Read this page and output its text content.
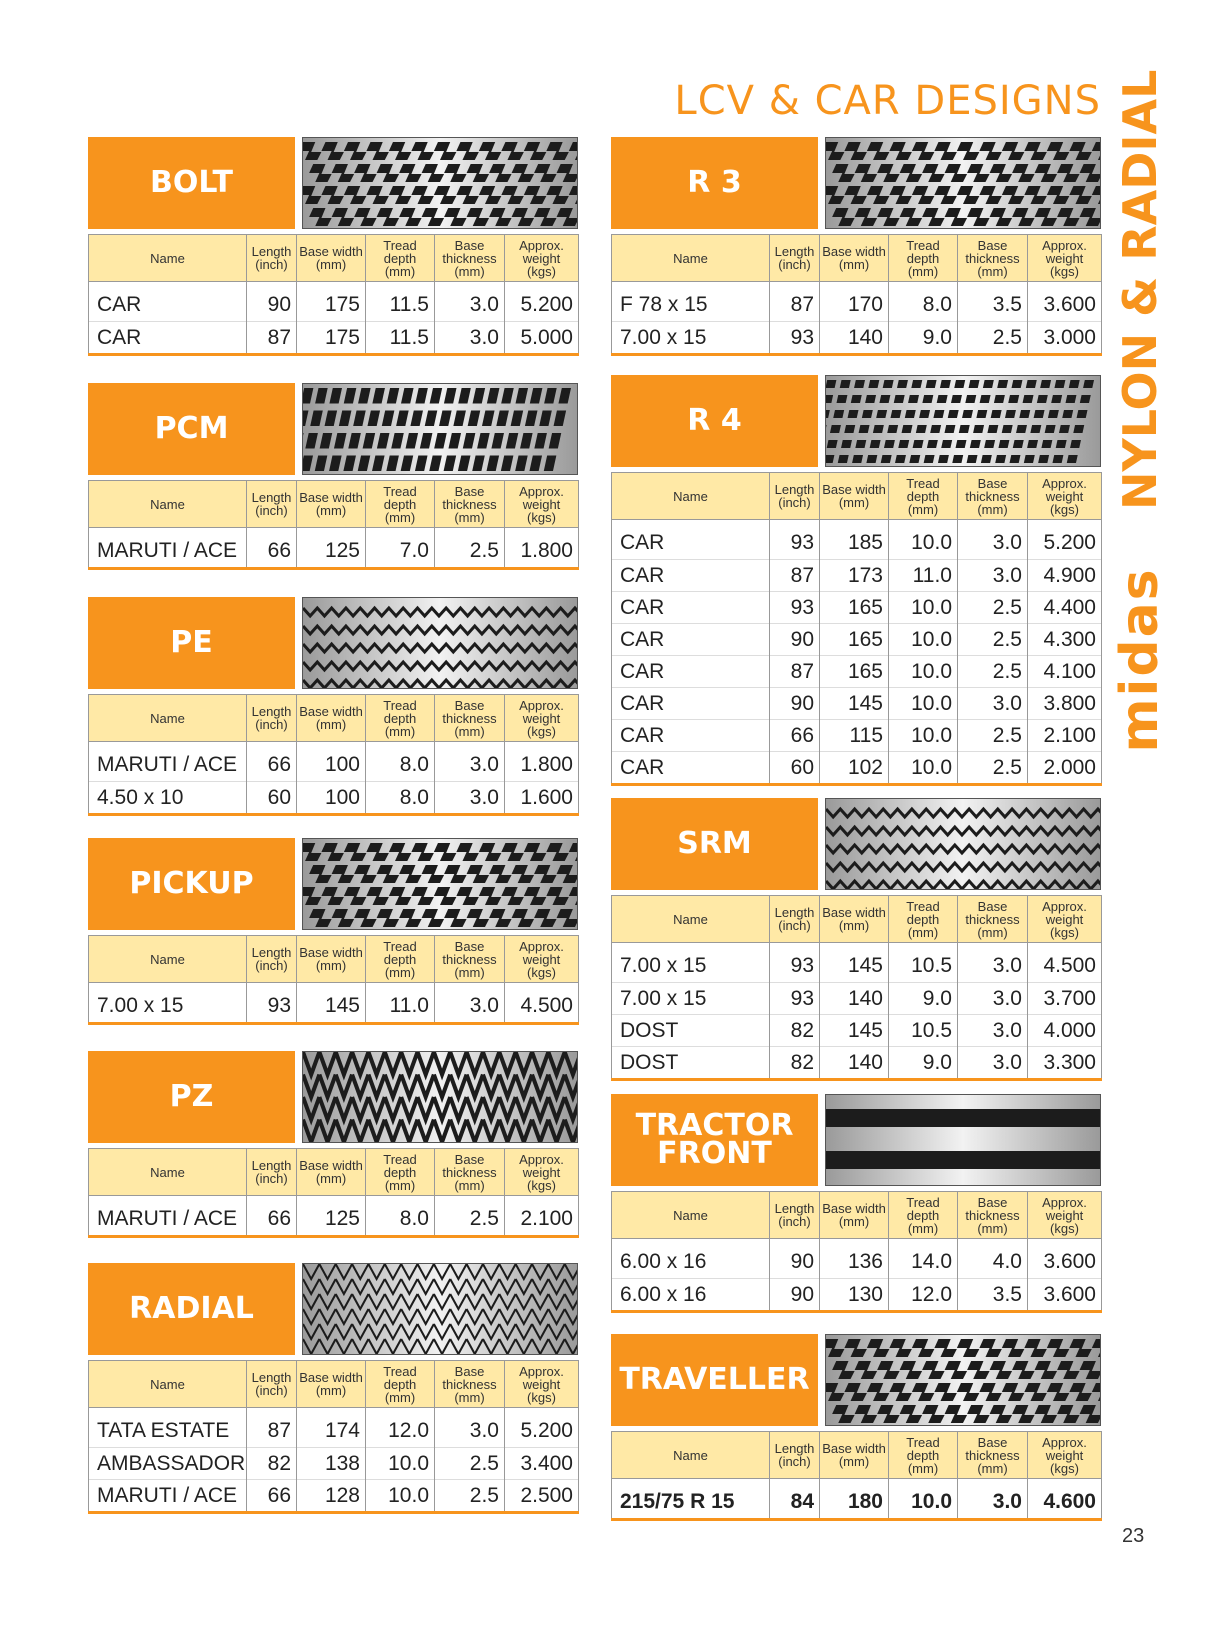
LCV & CAR DESIGNS NYLON & RADIAL
midas
23
BOLT
Name	Length (inch)	Base width (mm)	Tread depth (mm)	Base thickness (mm)	Approx. weight (kgs)
CAR	90	175	11.5	3.0	5.200
CAR	87	175	11.5	3.0	5.000
PCM
Name	Length (inch)	Base width (mm)	Tread depth (mm)	Base thickness (mm)	Approx. weight (kgs)
MARUTI / ACE	66	125	7.0	2.5	1.800
PE
Name	Length (inch)	Base width (mm)	Tread depth (mm)	Base thickness (mm)	Approx. weight (kgs)
MARUTI / ACE	66	100	8.0	3.0	1.800
4.50 x 10	60	100	8.0	3.0	1.600
PICKUP
Name	Length (inch)	Base width (mm)	Tread depth (mm)	Base thickness (mm)	Approx. weight (kgs)
7.00 x 15	93	145	11.0	3.0	4.500
PZ
Name	Length (inch)	Base width (mm)	Tread depth (mm)	Base thickness (mm)	Approx. weight (kgs)
MARUTI / ACE	66	125	8.0	2.5	2.100
RADIAL
Name	Length (inch)	Base width (mm)	Tread depth (mm)	Base thickness (mm)	Approx. weight (kgs)
TATA ESTATE	87	174	12.0	3.0	5.200
AMBASSADOR	82	138	10.0	2.5	3.400
MARUTI / ACE	66	128	10.0	2.5	2.500
R 3
Name	Length (inch)	Base width (mm)	Tread depth (mm)	Base thickness (mm)	Approx. weight (kgs)
F 78 x 15	87	170	8.0	3.5	3.600
7.00 x 15	93	140	9.0	2.5	3.000
R 4
Name	Length (inch)	Base width (mm)	Tread depth (mm)	Base thickness (mm)	Approx. weight (kgs)
CAR	93	185	10.0	3.0	5.200
CAR	87	173	11.0	3.0	4.900
CAR	93	165	10.0	2.5	4.400
CAR	90	165	10.0	2.5	4.300
CAR	87	165	10.0	2.5	4.100
CAR	90	145	10.0	3.0	3.800
CAR	66	115	10.0	2.5	2.100
CAR	60	102	10.0	2.5	2.000
SRM
Name	Length (inch)	Base width (mm)	Tread depth (mm)	Base thickness (mm)	Approx. weight (kgs)
7.00 x 15	93	145	10.5	3.0	4.500
7.00 x 15	93	140	9.0	3.0	3.700
DOST	82	145	10.5	3.0	4.000
DOST	82	140	9.0	3.0	3.300
TRACTOR FRONT
Name	Length (inch)	Base width (mm)	Tread depth (mm)	Base thickness (mm)	Approx. weight (kgs)
6.00 x 16	90	136	14.0	4.0	3.600
6.00 x 16	90	130	12.0	3.5	3.600
TRAVELLER
Name	Length (inch)	Base width (mm)	Tread depth (mm)	Base thickness (mm)	Approx. weight (kgs)
215/75 R 15	84	180	10.0	3.0	4.600
